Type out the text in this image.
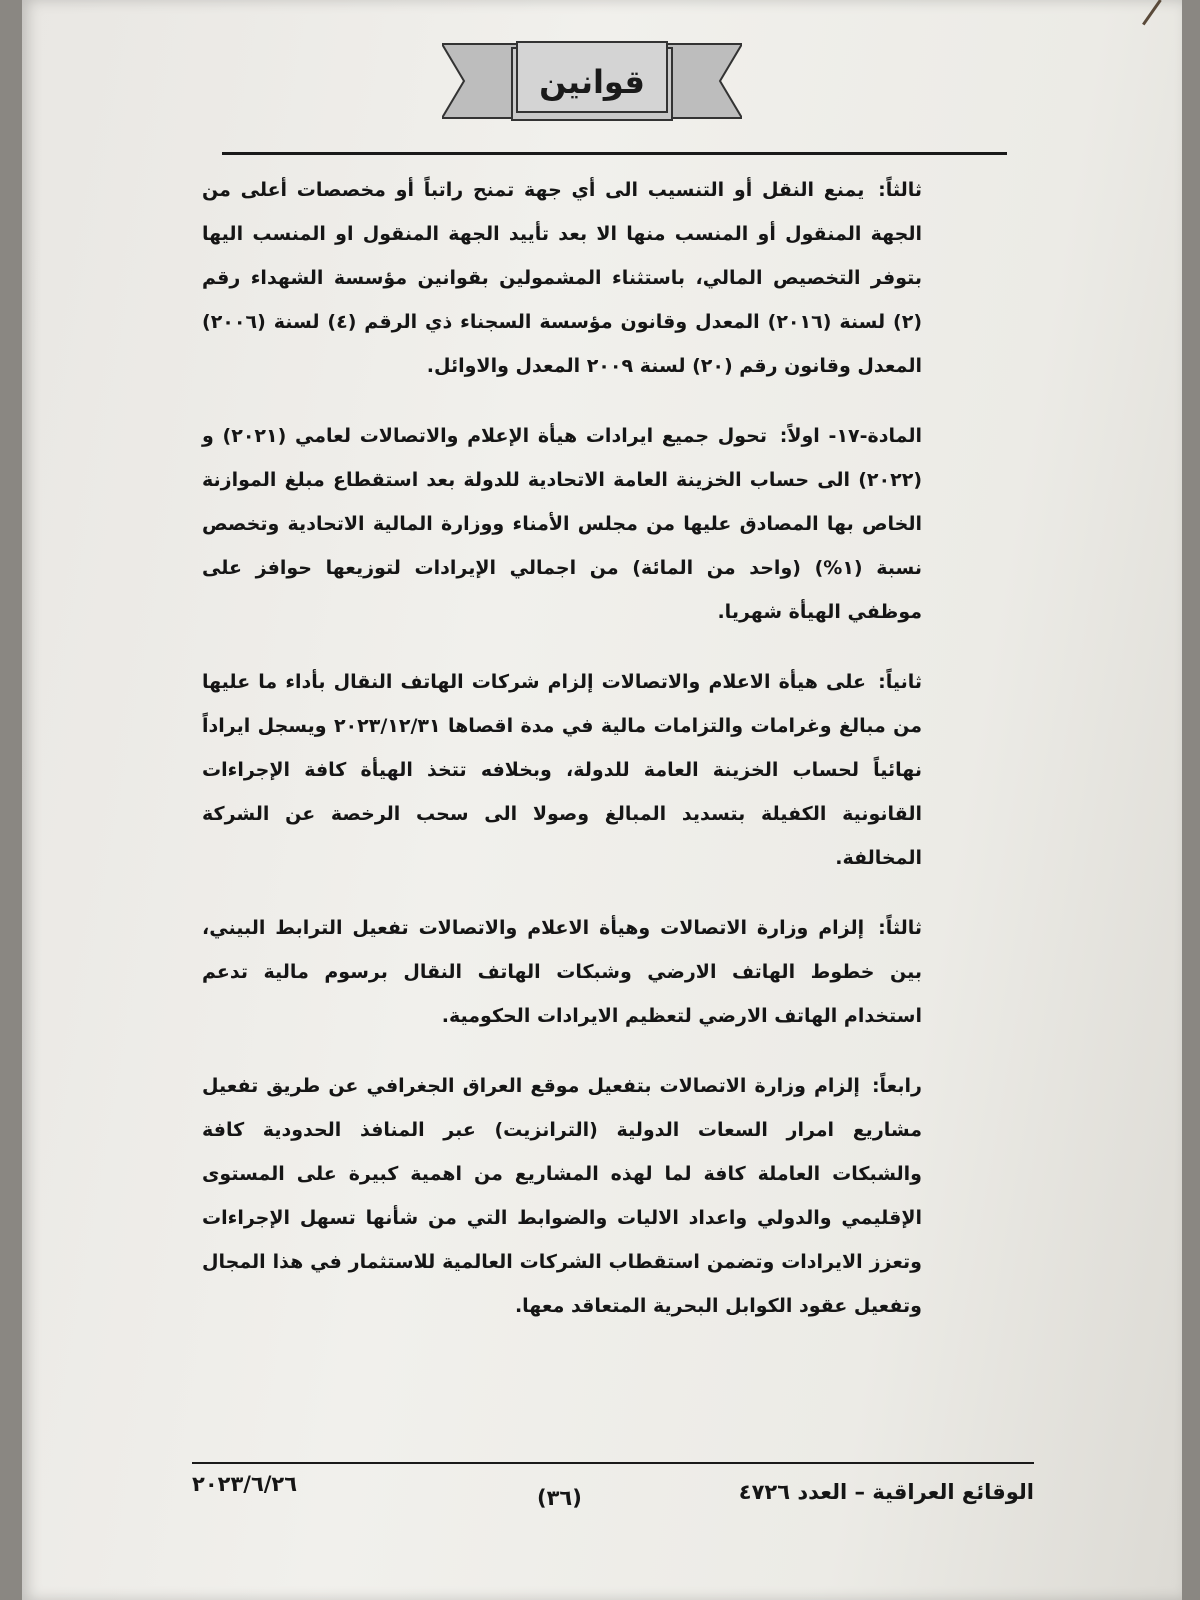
قوانين

ثالثاً: يمنع النقل أو التنسيب الى أي جهة تمنح راتباً أو مخصصات أعلى من الجهة المنقول أو المنسب منها الا بعد تأييد الجهة المنقول او المنسب اليها بتوفر التخصيص المالي، باستثناء المشمولين بقوانين مؤسسة الشهداء رقم (٢) لسنة (٢٠١٦) المعدل وقانون مؤسسة السجناء ذي الرقم (٤) لسنة (٢٠٠٦) المعدل وقانون رقم (٢٠) لسنة ٢٠٠٩ المعدل والاوائل.

المادة-١٧- اولاً: تحول جميع ايرادات هيأة الإعلام والاتصالات لعامي (٢٠٢١) و (٢٠٢٢) الى حساب الخزينة العامة الاتحادية للدولة بعد استقطاع مبلغ الموازنة الخاص بها المصادق عليها من مجلس الأمناء ووزارة المالية الاتحادية وتخصص نسبة (١%) (واحد من المائة) من اجمالي الإيرادات لتوزيعها حوافز على موظفي الهيأة شهريا.

ثانياً: على هيأة الاعلام والاتصالات إلزام شركات الهاتف النقال بأداء ما عليها من مبالغ وغرامات والتزامات مالية في مدة اقصاها ٢٠٢٣/١٢/٣١ ويسجل ايراداً نهائياً لحساب الخزينة العامة للدولة، وبخلافه تتخذ الهيأة كافة الإجراءات القانونية الكفيلة بتسديد المبالغ وصولا الى سحب الرخصة عن الشركة المخالفة.

ثالثاً: إلزام وزارة الاتصالات وهيأة الاعلام والاتصالات تفعيل الترابط البيني، بين خطوط الهاتف الارضي وشبكات الهاتف النقال برسوم مالية تدعم استخدام الهاتف الارضي لتعظيم الايرادات الحكومية.

رابعاً: إلزام وزارة الاتصالات بتفعيل موقع العراق الجغرافي عن طريق تفعيل مشاريع امرار السعات الدولية (الترانزيت) عبر المنافذ الحدودية كافة والشبكات العاملة كافة لما لهذه المشاريع من اهمية كبيرة على المستوى الإقليمي والدولي واعداد الاليات والضوابط التي من شأنها تسهل الإجراءات وتعزز الايرادات وتضمن استقطاب الشركات العالمية للاستثمار في هذا المجال وتفعيل عقود الكوابل البحرية المتعاقد معها.

الوقائع العراقية – العدد ٤٧٢٦
(٣٦)
٢٠٢٣/٦/٢٦
